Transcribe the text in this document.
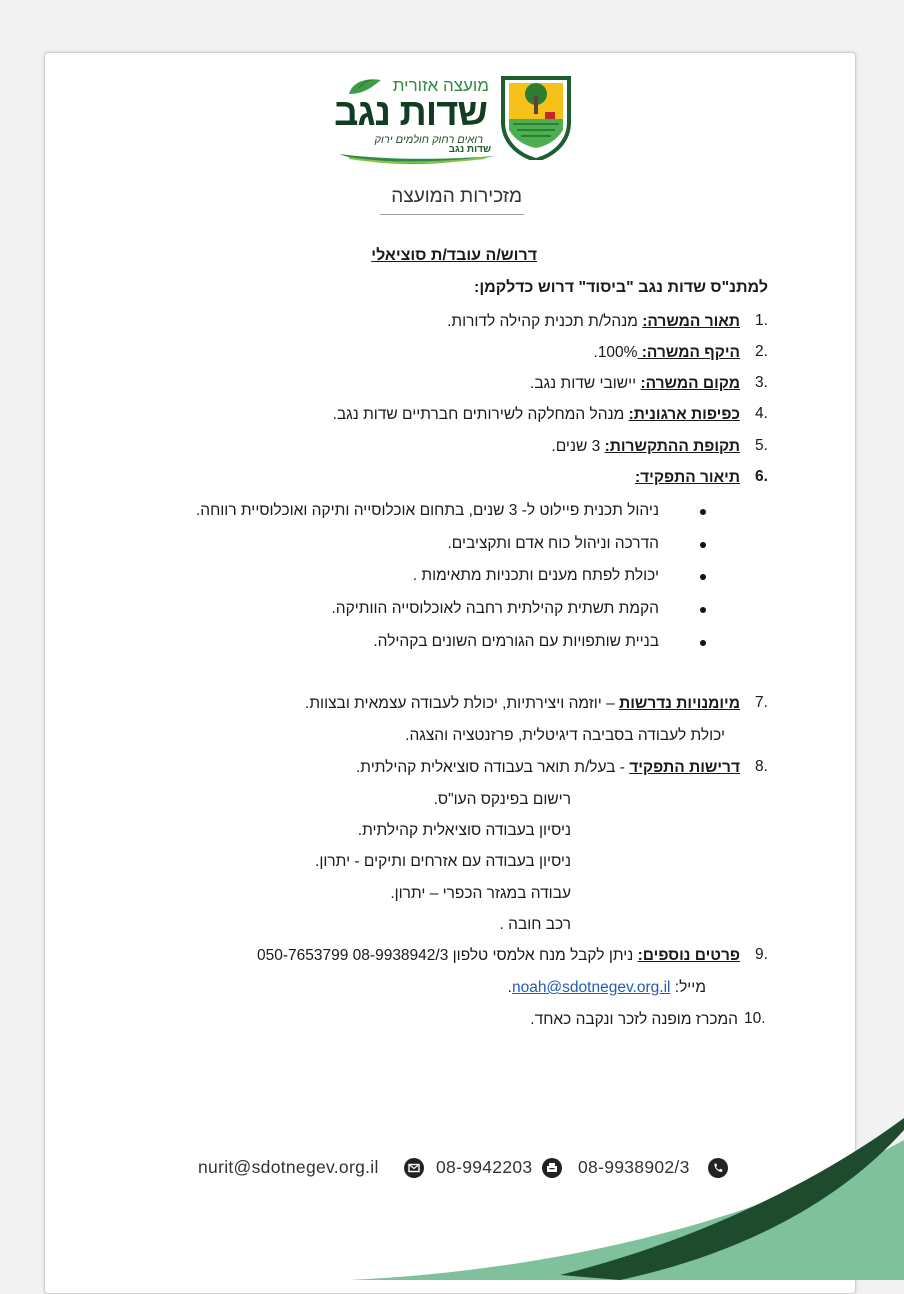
שדות נגב
מועצה אזורית
שדות נגב
רואים רחוק חולמים ירוק
מזכירות המועצה
דרוש/ה עובד/ת סוציאלי
למתנ"ס שדות נגב "ביסוד" דרוש כדלקמן:
1.
תאור המשרה: מנהל/ת תכנית קהילה לדורות.
2.
היקף המשרה: 100%.
3.
מקום המשרה: יישובי שדות נגב.
4.
כפיפות ארגונית: מנהל המחלקה לשירותים חברתיים שדות נגב.
5.
תקופת ההתקשרות: 3 שנים.
6.
תיאור התפקיד:
ניהול תכנית פיילוט ל- 3 שנים, בתחום אוכלוסייה ותיקה ואוכלוסיית רווחה.
הדרכה וניהול כוח אדם ותקציבים.
יכולת לפתח מענים ותכניות מתאימות .
הקמת תשתית קהילתית רחבה לאוכלוסייה הוותיקה.
בניית שותפויות עם הגורמים השונים בקהילה.
7.
מיומנויות נדרשות – יוזמה ויצירתיות, יכולת לעבודה עצמאית ובצוות.
יכולת לעבודה בסביבה דיגיטלית, פרזנטציה והצגה.
8.
דרישות התפקיד - בעל/ת תואר בעבודה סוציאלית קהילתית.
רישום בפינקס העו"ס.
ניסיון בעבודה סוציאלית קהילתית.
ניסיון בעבודה עם אזרחים ותיקים - יתרון.
עבודה במגזר הכפרי – יתרון.
רכב חובה .
9.
פרטים נוספים: ניתן לקבל מנח אלמסי טלפון 08-9938942/3 050-7653799
מייל: noah@sdotnegev.org.il.
10.
המכרז מופנה לזכר ונקבה כאחד.
nurit@sdotnegev.org.il	08-9942203	08-9938902/3
